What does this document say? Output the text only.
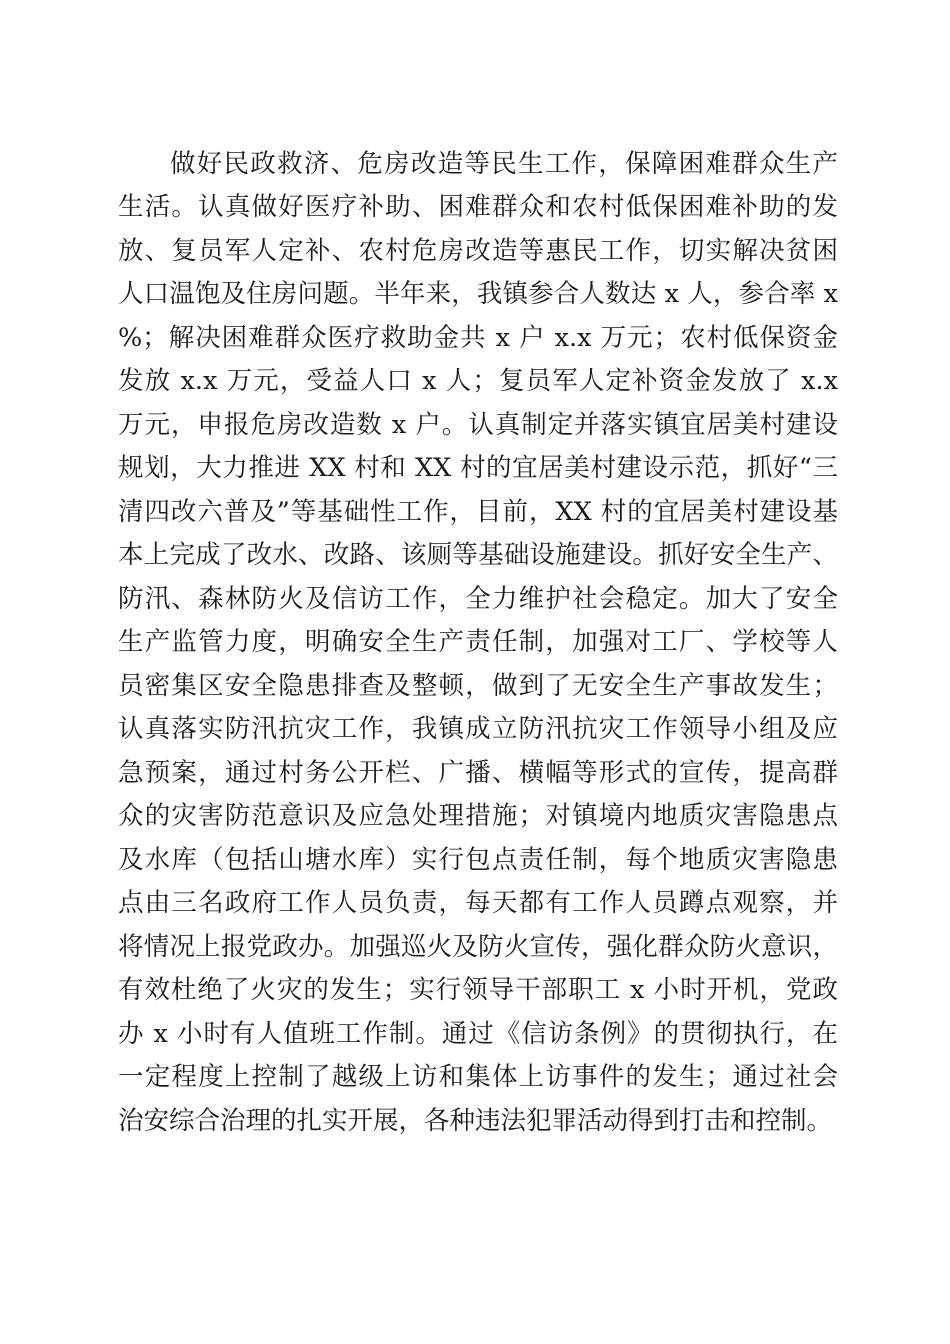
做好民政救济、危房改造等民生工作，保障困难群众生产
生活。认真做好医疗补助、困难群众和农村低保困难补助的发
放、复员军人定补、农村危房改造等惠民工作，切实解决贫困
人口温饱及住房问题。半年来，我镇参合人数达 x 人，参合率 x
%；解决困难群众医疗救助金共 x 户 x.x 万元；农村低保资金
发放 x.x 万元，受益人口 x 人；复员军人定补资金发放了 x.x
万元，申报危房改造数 x 户。认真制定并落实镇宜居美村建设
规划，大力推进 XX 村和 XX 村的宜居美村建设示范，抓好“三
清四改六普及”等基础性工作，目前，XX 村的宜居美村建设基
本上完成了改水、改路、该厕等基础设施建设。抓好安全生产、
防汛、森林防火及信访工作，全力维护社会稳定。加大了安全
生产监管力度，明确安全生产责任制，加强对工厂、学校等人
员密集区安全隐患排查及整顿，做到了无安全生产事故发生；
认真落实防汛抗灾工作，我镇成立防汛抗灾工作领导小组及应
急预案，通过村务公开栏、广播、横幅等形式的宣传，提高群
众的灾害防范意识及应急处理措施；对镇境内地质灾害隐患点
及水库（包括山塘水库）实行包点责任制，每个地质灾害隐患
点由三名政府工作人员负责，每天都有工作人员蹲点观察，并
将情况上报党政办。加强巡火及防火宣传，强化群众防火意识，
有效杜绝了火灾的发生；实行领导干部职工 x 小时开机，党政
办 x 小时有人值班工作制。通过《信访条例》的贯彻执行，在
一定程度上控制了越级上访和集体上访事件的发生；通过社会
治安综合治理的扎实开展，各种违法犯罪活动得到打击和控制。
